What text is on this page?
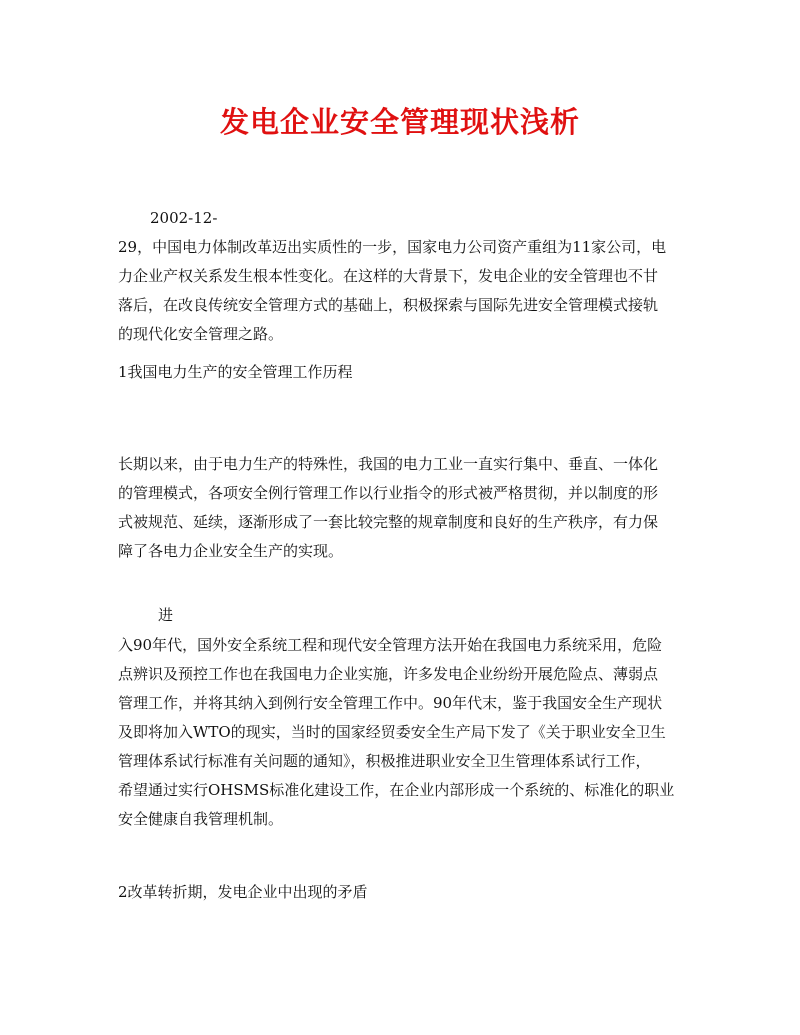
发电企业安全管理现状浅析
2002-12-
29，中国电力体制改革迈出实质性的一步，国家电力公司资产重组为11家公司，电
力企业产权关系发生根本性变化。在这样的大背景下，发电企业的安全管理也不甘
落后，在改良传统安全管理方式的基础上，积极探索与国际先进安全管理模式接轨
的现代化安全管理之路。
1我国电力生产的安全管理工作历程
长期以来，由于电力生产的特殊性，我国的电力工业一直实行集中、垂直、一体化
的管理模式，各项安全例行管理工作以行业指令的形式被严格贯彻，并以制度的形
式被规范、延续，逐渐形成了一套比较完整的规章制度和良好的生产秩序，有力保
障了各电力企业安全生产的实现。
进
入90年代，国外安全系统工程和现代安全管理方法开始在我国电力系统采用，危险
点辨识及预控工作也在我国电力企业实施，许多发电企业纷纷开展危险点、薄弱点
管理工作，并将其纳入到例行安全管理工作中。90年代末，鉴于我国安全生产现状
及即将加入WTO的现实，当时的国家经贸委安全生产局下发了《关于职业安全卫生
管理体系试行标准有关问题的通知》，积极推进职业安全卫生管理体系试行工作，
希望通过实行OHSMS标准化建设工作，在企业内部形成一个系统的、标准化的职业
安全健康自我管理机制。
2改革转折期，发电企业中出现的矛盾
